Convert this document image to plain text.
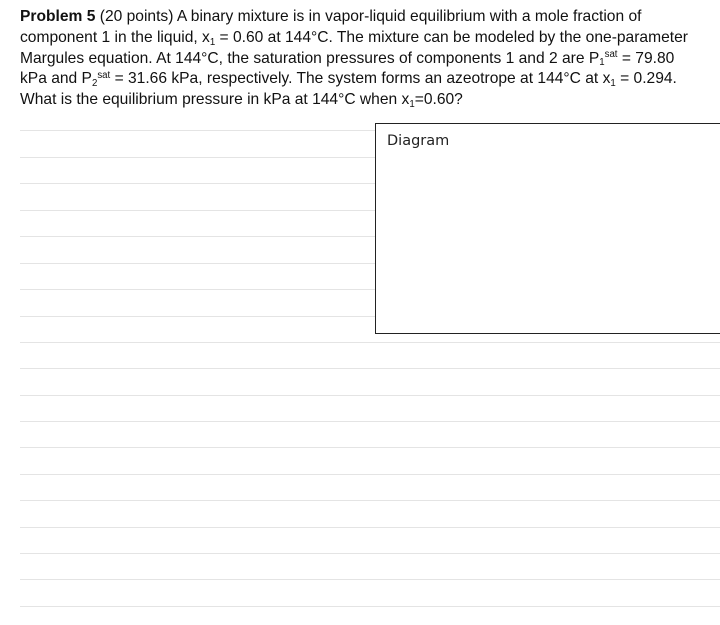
Problem 5 (20 points) A binary mixture is in vapor-liquid equilibrium with a mole fraction of
component 1 in the liquid, $x_1 = 0.60$ at 144°C. The mixture can be modeled by the one-parameter
Margules equation. At 144°C, the saturation pressures of components 1 and 2 are $P_1^{sat} = 79.80$
kPa and $P_2^{sat} = 31.66$ kPa, respectively. The system forms an azeotrope at 144°C at $x_1 = 0.294$.
What is the equilibrium pressure in kPa at 144°C when $x_1=0.60$?
Diagram
